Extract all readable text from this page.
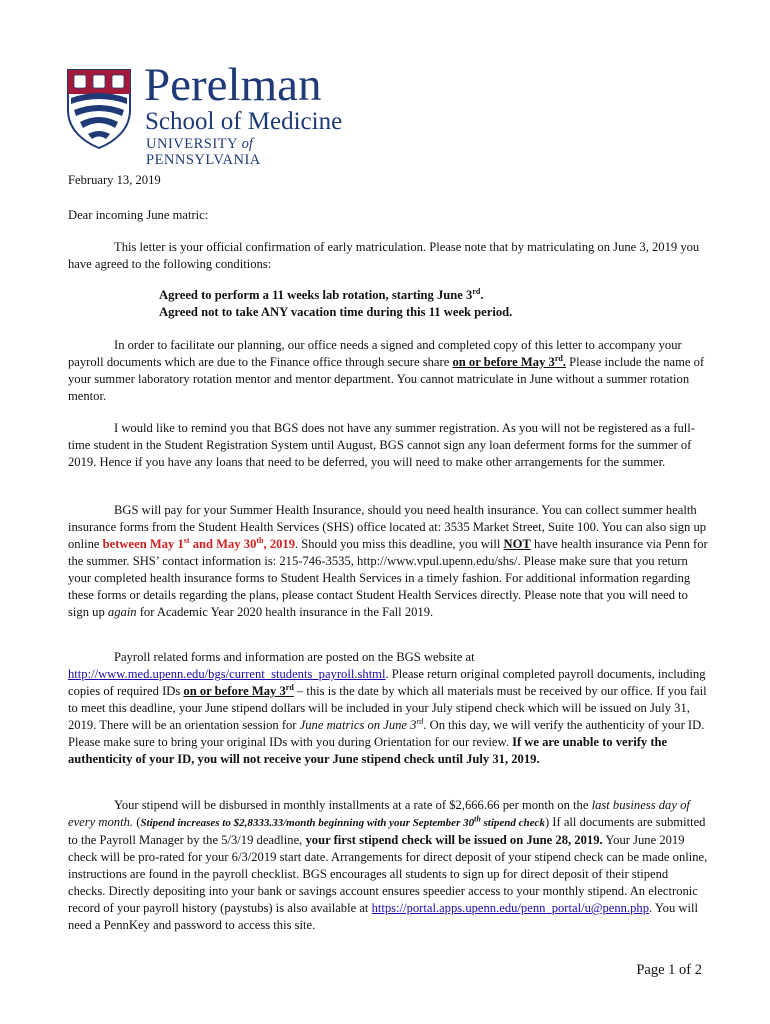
Perelman
School of Medicine
UNIVERSITY of PENNSYLVANIA

February 13, 2019

Dear incoming June matric:

This letter is your official confirmation of early matriculation. Please note that by matriculating on June 3, 2019 you have agreed to the following conditions:

Agreed to perform a 11 weeks lab rotation, starting June 3rd.
Agreed not to take ANY vacation time during this 11 week period.

In order to facilitate our planning, our office needs a signed and completed copy of this letter to accompany your payroll documents which are due to the Finance office through secure share on or before May 3rd. Please include the name of your summer laboratory rotation mentor and mentor department. You cannot matriculate in June without a summer rotation mentor.

I would like to remind you that BGS does not have any summer registration. As you will not be registered as a full-time student in the Student Registration System until August, BGS cannot sign any loan deferment forms for the summer of 2019. Hence if you have any loans that need to be deferred, you will need to make other arrangements for the summer.

BGS will pay for your Summer Health Insurance, should you need health insurance. You can collect summer health insurance forms from the Student Health Services (SHS) office located at: 3535 Market Street, Suite 100. You can also sign up online between May 1st and May 30th, 2019. Should you miss this deadline, you will NOT have health insurance via Penn for the summer. SHS’ contact information is: 215-746-3535, http://www.vpul.upenn.edu/shs/. Please make sure that you return your completed health insurance forms to Student Health Services in a timely fashion. For additional information regarding these forms or details regarding the plans, please contact Student Health Services directly. Please note that you will need to sign up again for Academic Year 2020 health insurance in the Fall 2019.

Payroll related forms and information are posted on the BGS website at http://www.med.upenn.edu/bgs/current_students_payroll.shtml. Please return original completed payroll documents, including copies of required IDs on or before May 3rd – this is the date by which all materials must be received by our office. If you fail to meet this deadline, your June stipend dollars will be included in your July stipend check which will be issued on July 31, 2019. There will be an orientation session for June matrics on June 3rd. On this day, we will verify the authenticity of your ID. Please make sure to bring your original IDs with you during Orientation for our review. If we are unable to verify the authenticity of your ID, you will not receive your June stipend check until July 31, 2019.

Your stipend will be disbursed in monthly installments at a rate of $2,666.66 per month on the last business day of every month. (Stipend increases to $2,8333.33/month beginning with your September 30th stipend check) If all documents are submitted to the Payroll Manager by the 5/3/19 deadline, your first stipend check will be issued on June 28, 2019. Your June 2019 check will be pro-rated for your 6/3/2019 start date. Arrangements for direct deposit of your stipend check can be made online, instructions are found in the payroll checklist. BGS encourages all students to sign up for direct deposit of their stipend checks. Directly depositing into your bank or savings account ensures speedier access to your monthly stipend. An electronic record of your payroll history (paystubs) is also available at https://portal.apps.upenn.edu/penn_portal/u@penn.php. You will need a PennKey and password to access this site.

Page 1 of 2
